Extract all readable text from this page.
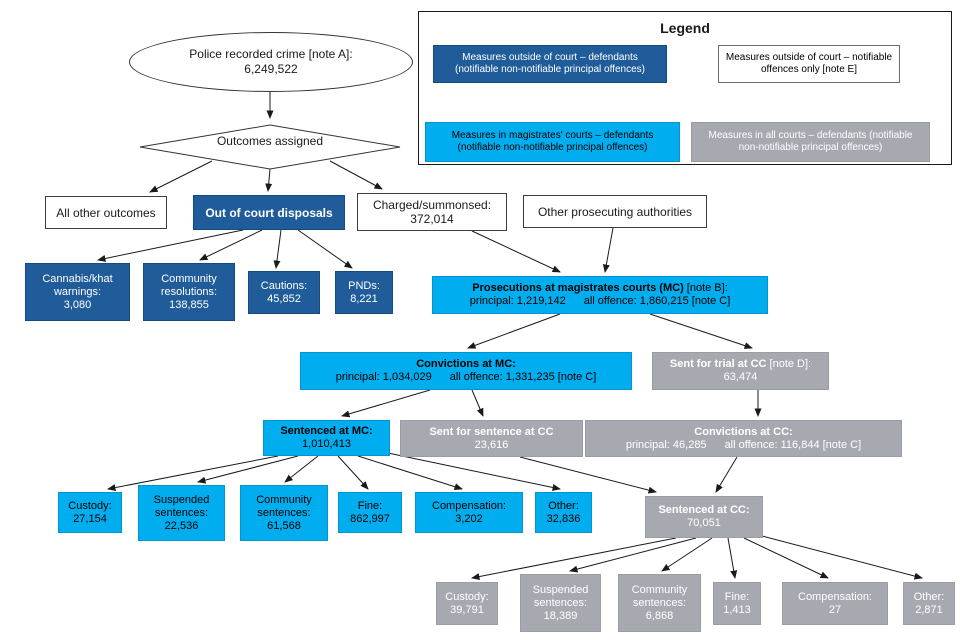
Police recorded crime [note A]:
6,249,522
Outcomes assigned
All other outcomes	Out of court disposals
Charged/summonsed:
372,014
Other prosecuting authorities
Cannabis/khat warnings:
3,080
Community resolutions:
138,855
Cautions:
45,852
PNDs:
8,221
Prosecutions at magistrates courts (MC) [note B]:
principal: 1,219,142 all offence: 1,860,215 [note C]
Convictions at MC:
principal: 1,034,029 all offence: 1,331,235 [note C]
Sent for trial at CC [note D]:
63,474
Sentenced at MC:
1,010,413
Sent for sentence at CC
23,616
Convictions at CC:
principal: 46,285 all offence: 116,844 [note C]
Custody:
27,154
Suspended sentences:
22,536
Community sentences:
61,568
Fine:
862,997
Compensation:
3,202
Other:
32,836
Sentenced at CC:
70,051
Custody:
39,791
Suspended sentences:
18,389
Community sentences:
6,868
Fine:
1,413
Compensation:
27
Other:
2,871
Legend
Measures outside of court – defendants (notifiable non-notifiable principal offences)
Measures outside of court – notifiable offences only [note E]
Measures in magistrates' courts – defendants (notifiable non-notifiable principal offences)
Measures in all courts – defendants (notifiable non-notifiable principal offences)
